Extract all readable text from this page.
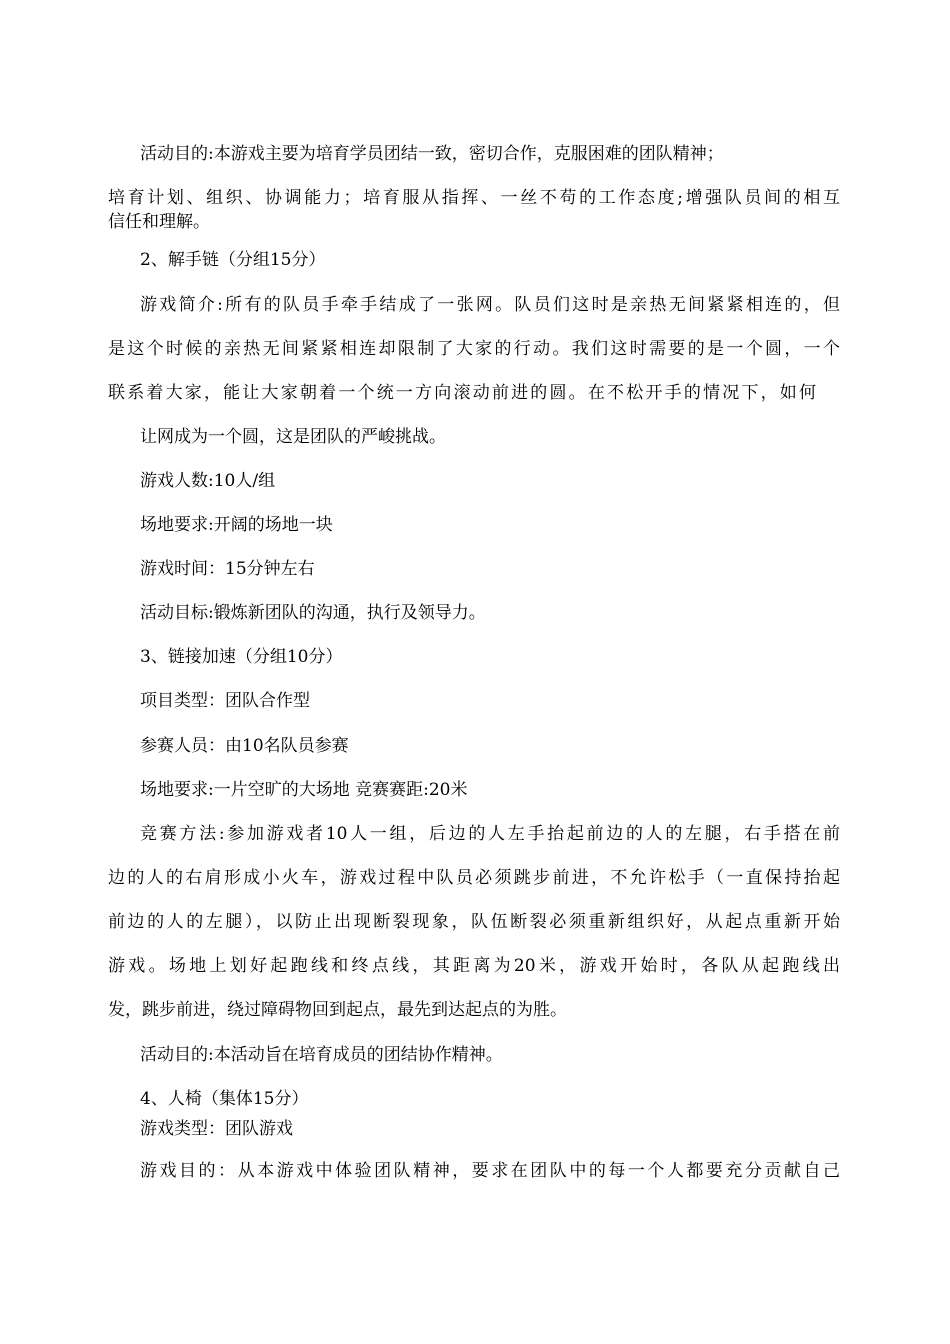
活动目的:本游戏主要为培育学员团结一致，密切合作，克服困难的团队精神；
培育计划、组织、协调能力；培育服从指挥、一丝不苟的工作态度;增强队员间的相互
信任和理解。
2、解手链（分组15分）
游戏简介:所有的队员手牵手结成了一张网。队员们这时是亲热无间紧紧相连的，但
是这个时候的亲热无间紧紧相连却限制了大家的行动。我们这时需要的是一个圆，一个
联系着大家，能让大家朝着一个统一方向滚动前进的圆。在不松开手的情况下，如何
让网成为一个圆，这是团队的严峻挑战。
游戏人数:10人/组
场地要求:开阔的场地一块
游戏时间：15分钟左右
活动目标:锻炼新团队的沟通，执行及领导力。
3、链接加速（分组10分）
项目类型：团队合作型
参赛人员：由10名队员参赛
场地要求:一片空旷的大场地 竞赛赛距:20米
竞赛方法:参加游戏者10人一组，后边的人左手抬起前边的人的左腿，右手搭在前
边的人的右肩形成小火车，游戏过程中队员必须跳步前进，不允许松手（一直保持抬起
前边的人的左腿），以防止出现断裂现象，队伍断裂必须重新组织好，从起点重新开始
游戏。场地上划好起跑线和终点线，其距离为20米，游戏开始时，各队从起跑线出
发，跳步前进，绕过障碍物回到起点，最先到达起点的为胜。
活动目的:本活动旨在培育成员的团结协作精神。
4、人椅（集体15分）
游戏类型：团队游戏
游戏目的：从本游戏中体验团队精神，要求在团队中的每一个人都要充分贡献自己
